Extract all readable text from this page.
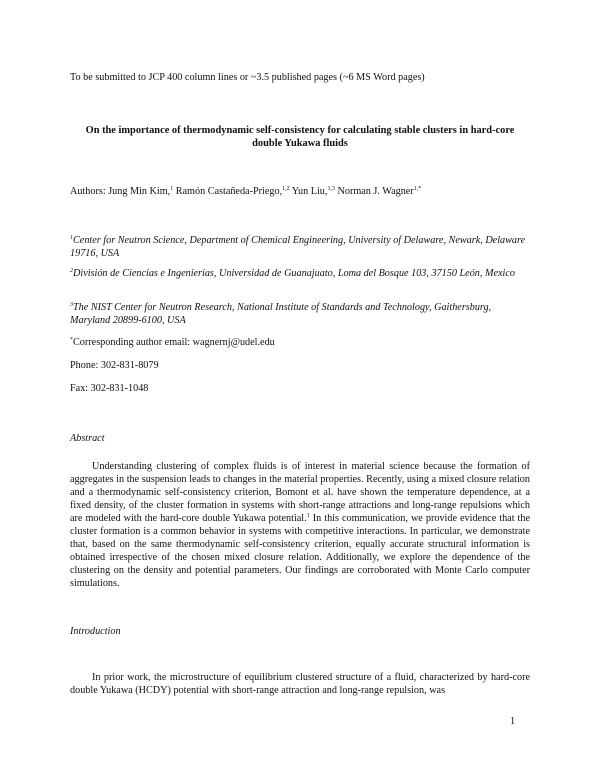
To be submitted to JCP 400 column lines or ~3.5 published pages (~6 MS Word pages)
On the importance of thermodynamic self-consistency for calculating stable clusters in hard-core double Yukawa fluids
Authors: Jung Min Kim,$^1$ Ramón Castañeda-Priego,$^{1,2}$ Yun Liu,$^{1,3}$ Norman J. Wagner$^{1,*}$
$^1$Center for Neutron Science, Department of Chemical Engineering, University of Delaware, Newark, Delaware 19716, USA
$^2$División de Ciencias e Ingenierías, Universidad de Guanajuato, Loma del Bosque 103, 37150 León, Mexico
$^3$The NIST Center for Neutron Research, National Institute of Standards and Technology, Gaithersburg, Maryland 20899-6100, USA
*Corresponding author email: wagnernj@udel.edu
Phone: 302-831-8079
Fax: 302-831-1048
Abstract
Understanding clustering of complex fluids is of interest in material science because the formation of aggregates in the suspension leads to changes in the material properties. Recently, using a mixed closure relation and a thermodynamic self-consistency criterion, Bomont et al. have shown the temperature dependence, at a fixed density, of the cluster formation in systems with short-range attractions and long-range repulsions which are modeled with the hard-core double Yukawa potential.$^1$ In this communication, we provide evidence that the cluster formation is a common behavior in systems with competitive interactions. In particular, we demonstrate that, based on the same thermodynamic self-consistency criterion, equally accurate structural information is obtained irrespective of the chosen mixed closure relation. Additionally, we explore the dependence of the clustering on the density and potential parameters. Our findings are corroborated with Monte Carlo computer simulations.
Introduction
In prior work, the microstructure of equilibrium clustered structure of a fluid, characterized by hard-core double Yukawa (HCDY) potential with short-range attraction and long-range repulsion, was
1
